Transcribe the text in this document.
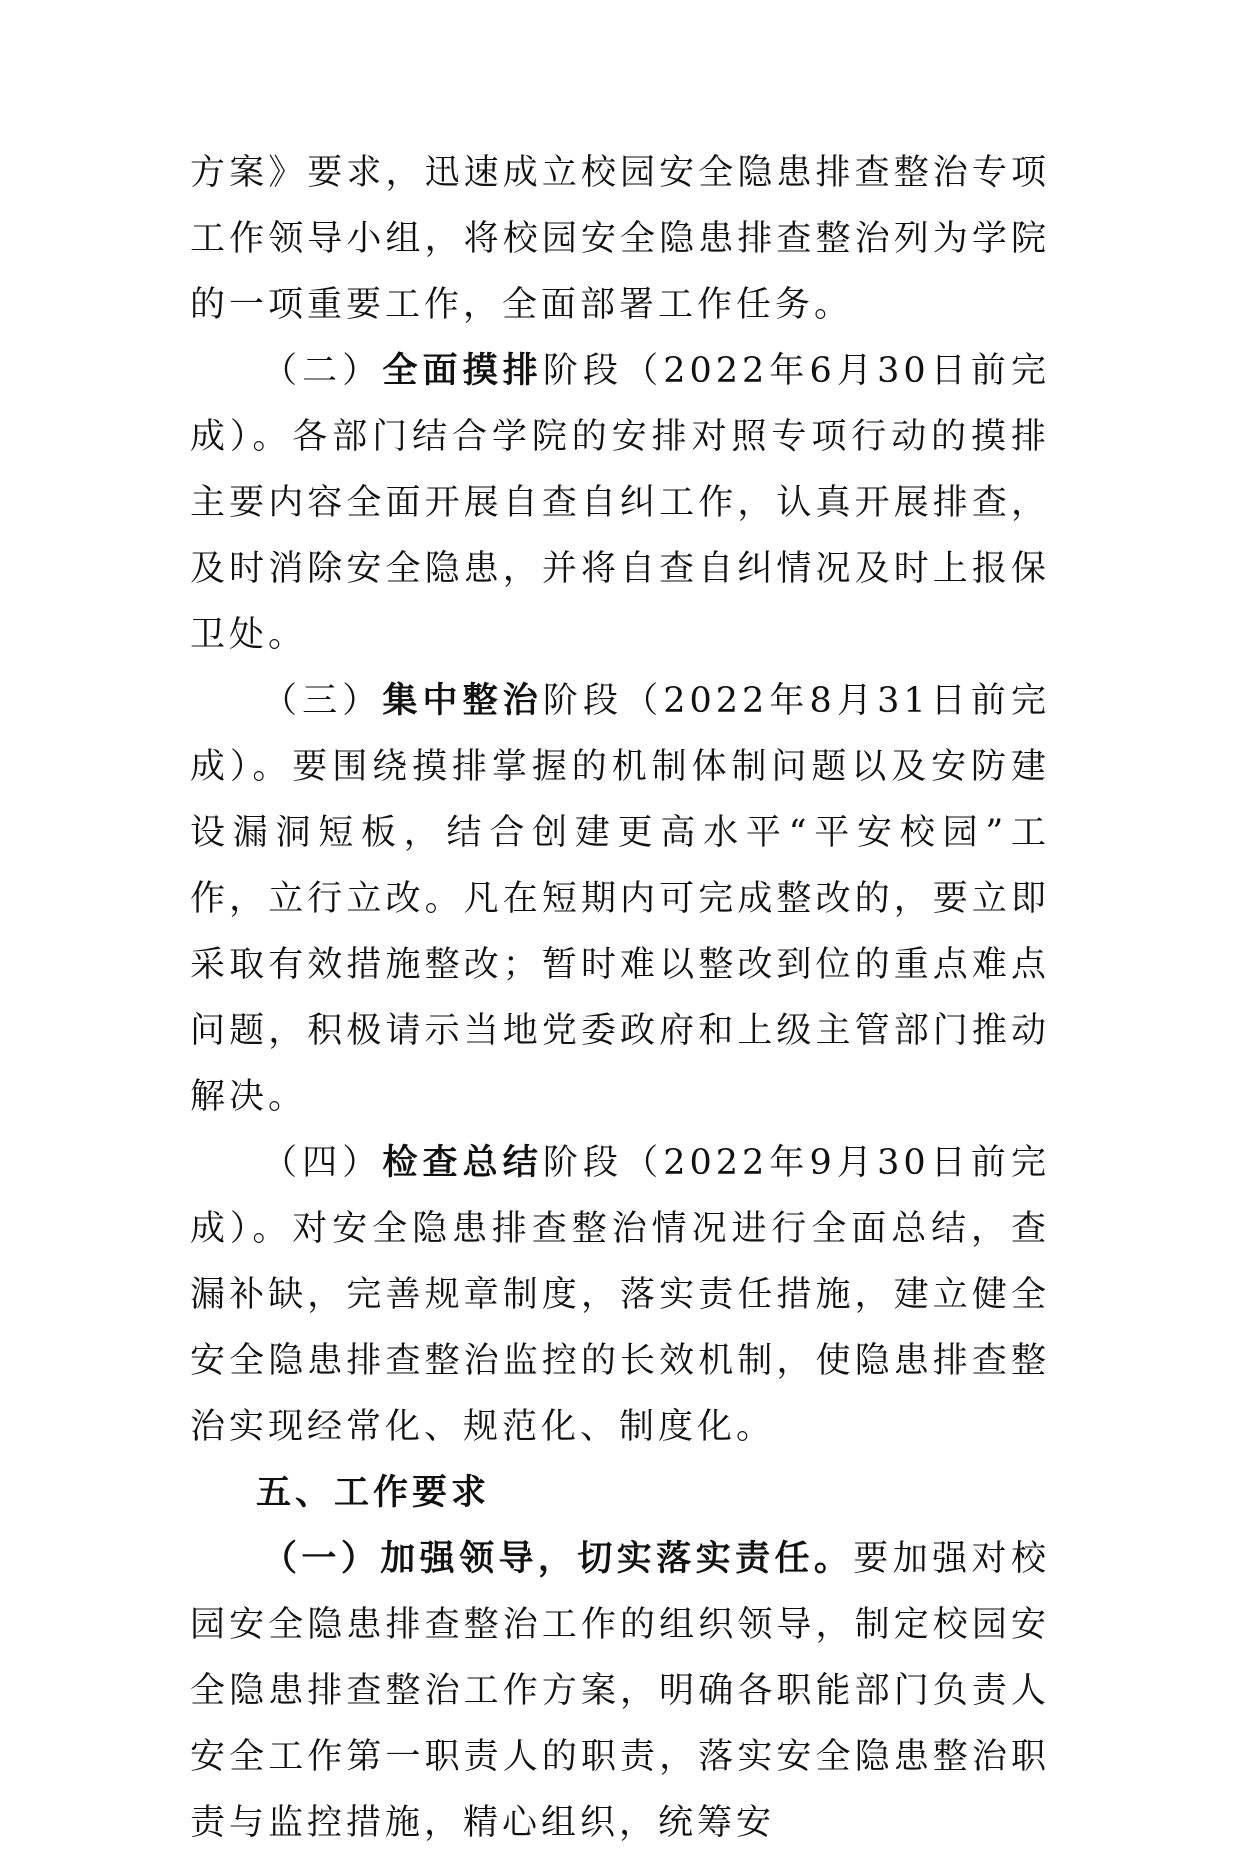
方案》要求，迅速成立校园安全隐患排查整治专项工作领导小组，将校园安全隐患排查整治列为学院的一项重要工作，全面部署工作任务。

（二）全面摸排阶段（2022年6月30日前完成）。各部门结合学院的安排对照专项行动的摸排主要内容全面开展自查自纠工作，认真开展排查，及时消除安全隐患，并将自查自纠情况及时上报保卫处。

（三）集中整治阶段（2022年8月31日前完成）。要围绕摸排掌握的机制体制问题以及安防建设漏洞短板，结合创建更高水平“平安校园”工作，立行立改。凡在短期内可完成整改的，要立即采取有效措施整改；暂时难以整改到位的重点难点问题，积极请示当地党委政府和上级主管部门推动解决。

（四）检查总结阶段（2022年9月30日前完成）。对安全隐患排查整治情况进行全面总结，查漏补缺，完善规章制度，落实责任措施，建立健全安全隐患排查整治监控的长效机制，使隐患排查整治实现经常化、规范化、制度化。

五、工作要求

（一）加强领导，切实落实责任。要加强对校园安全隐患排查整治工作的组织领导，制定校园安全隐患排查整治工作方案，明确各职能部门负责人安全工作第一职责人的职责，落实安全隐患整治职责与监控措施，精心组织，统筹安
